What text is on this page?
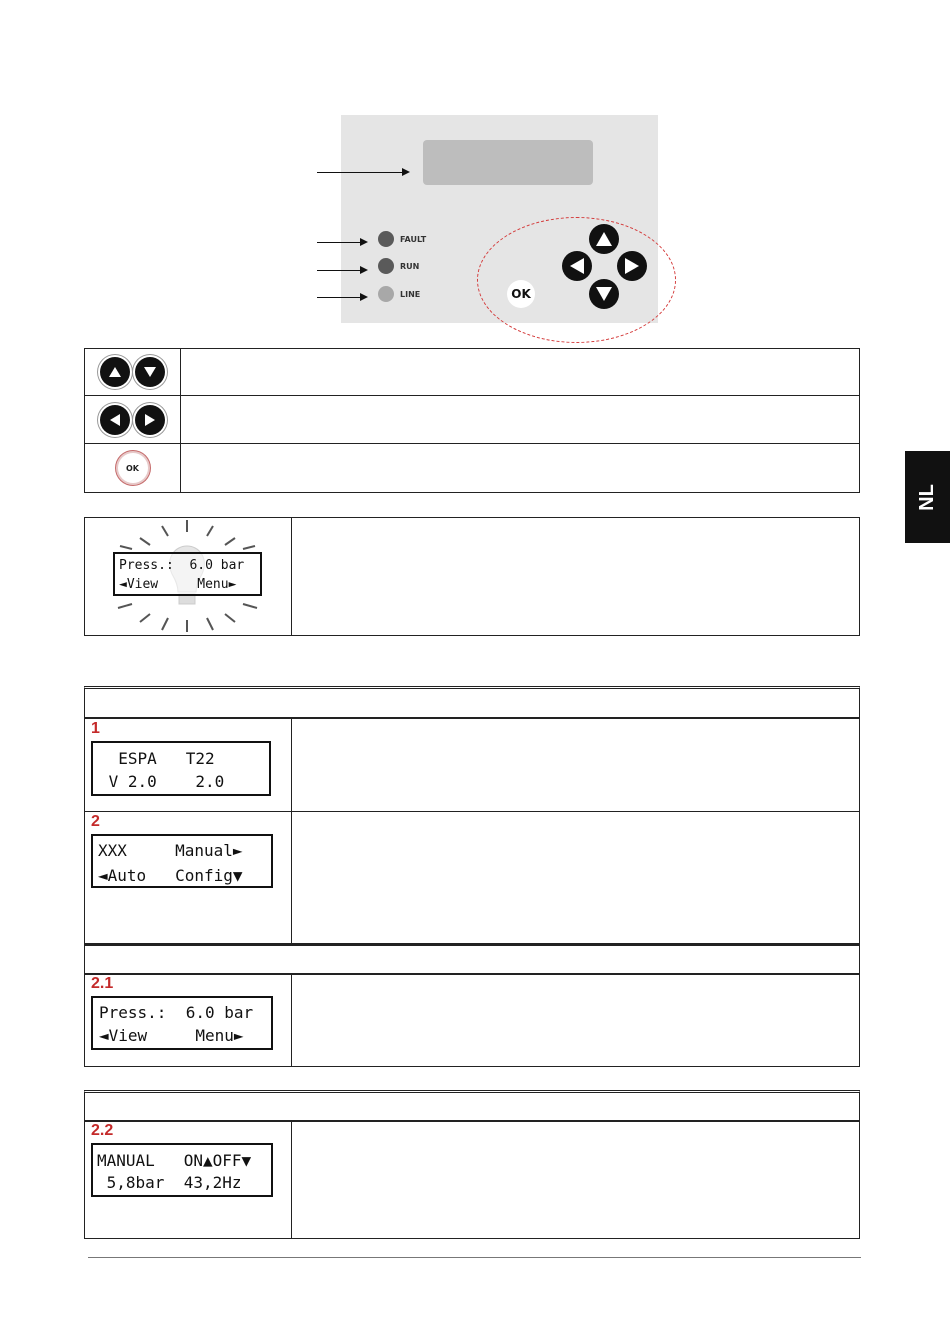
FAULT
RUN
LINE	OK

OK	

Press.:  6.0 bar
◄View     Menu►

1
ESPA   T22
V 2.0    2.0
2
XXX     Manual►
◄Auto   Config▼

2.1
Press.:  6.0 bar
◄View     Menu►

2.2
MANUAL   ON▲OFF▼
5,8bar  43,2Hz
NL
